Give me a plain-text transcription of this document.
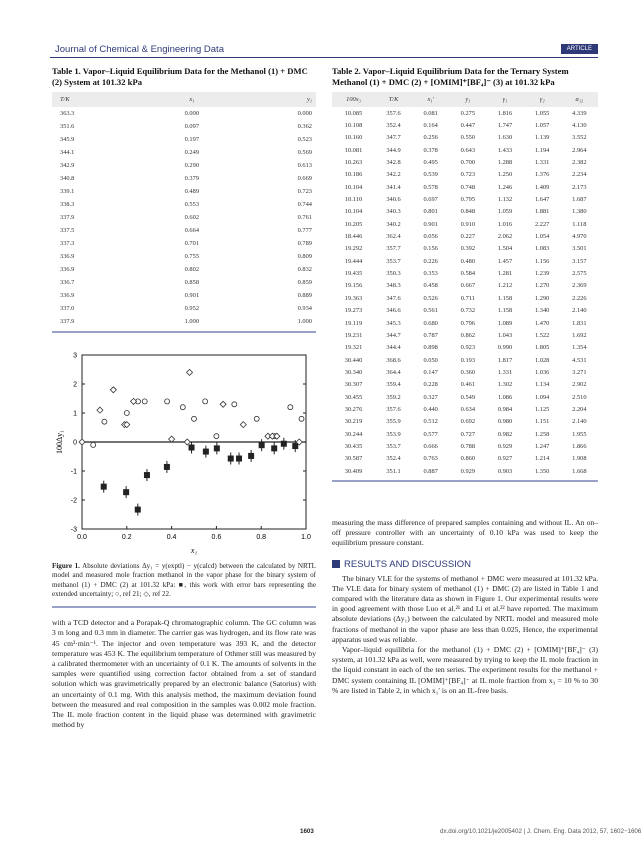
Journal of Chemical & Engineering Data	ARTICLE
Table 1. Vapor–Liquid Equilibrium Data for the Methanol (1) + DMC (2) System at 101.32 kPa
T/K	x₁	y₁
363.3	0.000	0.000
351.6	0.097	0.362
345.9	0.197	0.523
344.1	0.249	0.569
342.9	0.290	0.613
340.8	0.379	0.669
339.1	0.489	0.723
338.3	0.553	0.744
337.9	0.602	0.761
337.5	0.664	0.777
337.3	0.701	0.789
336.9	0.755	0.809
336.9	0.802	0.832
336.7	0.858	0.859
336.9	0.901	0.889
337.0	0.952	0.934
337.9	1.000	1.000
Table 2. Vapor–Liquid Equilibrium Data for the Ternary System Methanol (1) + DMC (2) + [OMIM]⁺[BF₄]⁻ (3) at 101.32 kPa
100x₃	T/K	x₁′	y₁	γ₁	γ₂	α₁₂
10.085	357.6	0.081	0.275	1.816	1.055	4.339
10.108	352.4	0.164	0.447	1.747	1.057	4.130
10.160	347.7	0.256	0.550	1.630	1.139	3.552
10.081	344.9	0.378	0.643	1.433	1.194	2.964
10.263	342.8	0.495	0.700	1.288	1.331	2.382
10.186	342.2	0.539	0.723	1.250	1.376	2.234
10.104	341.4	0.578	0.748	1.246	1.409	2.173
10.110	340.6	0.697	0.795	1.132	1.647	1.687
10.104	340.3	0.801	0.848	1.059	1.881	1.380
10.205	340.2	0.901	0.910	1.016	2.227	1.118
18.446	362.4	0.056	0.227	2.062	1.054	4.970
19.292	357.7	0.156	0.392	1.504	1.083	3.501
19.444	353.7	0.226	0.480	1.457	1.156	3.157
19.435	350.3	0.353	0.584	1.281	1.239	2.575
19.156	348.3	0.458	0.667	1.212	1.270	2.369
19.363	347.6	0.526	0.711	1.158	1.290	2.226
19.273	346.6	0.561	0.732	1.158	1.340	2.140
19.119	345.3	0.680	0.796	1.089	1.470	1.831
19.231	344.7	0.787	0.862	1.043	1.522	1.692
19.321	344.4	0.898	0.923	0.990	1.805	1.354
30.440	368.6	0.050	0.193	1.817	1.028	4.531
30.340	364.4	0.147	0.360	1.331	1.036	3.271
30.307	359.4	0.228	0.461	1.302	1.134	2.902
30.455	359.2	0.327	0.549	1.086	1.094	2.510
30.276	357.6	0.440	0.634	0.984	1.125	2.204
30.219	355.9	0.512	0.692	0.980	1.151	2.140
30.244	353.9	0.577	0.727	0.982	1.258	1.955
30.435	353.7	0.666	0.788	0.929	1.247	1.866
30.587	352.4	0.763	0.860	0.927	1.214	1.908
30.409	351.1	0.887	0.929	0.903	1.350	1.668
0.0	0.2	0.4	0.6	0.8	1.0
3
2
1
0
-1
-2
-3
x₁
100Δy₁
Figure 1. Absolute deviations Δy₁ = y(exptl) − y(calcd) between the calculated by NRTL model and measured mole fraction methanol in the vapor phase for the binary system of methanol (1) + DMC (2) at 101.32 kPa: ■, this work with error bars representing the extended uncertainty; ○, ref 21; ◇, ref 22.
with a TCD detector and a Porapak-Q chromatographic column. The GC column was 3 m long and 0.3 mm in diameter. The carrier gas was hydrogen, and its flow rate was 45 cm³·min⁻¹. The injector and oven temperature was 393 K, and the detector temperature was 453 K. The equilibrium temperature of Othmer still was measured by a calibrated thermometer with an uncertainty of 0.1 K. The amounts of solvents in the samples were quantified using correction factor obtained from a set of standard solution which was gravimetrically prepared by an electronic balance (Satorius) with an uncertainty of 0.1 mg. With this analysis method, the maximum deviation found between the measured and real composition in the samples was 0.002 mole fraction. The IL mole fraction content in the liquid phase was determined with gravimetric method by
measuring the mass difference of prepared samples containing and without IL. An on–off pressure controller with an uncertainty of 0.10 kPa was used to keep the equilibrium pressure constant.
RESULTS AND DISCUSSION
The binary VLE for the systems of methanol + DMC were measured at 101.32 kPa. The VLE data for binary system of methanol (1) + DMC (2) are listed in Table 1 and compared with the literature data as shown in Figure 1. Our experimental results were in good agreement with those Luo et al.²¹ and Li et al.²² have reported. The maximum absolute deviations (Δy₁) between the calculated by NRTL model and measured mole fractions of methanol in the vapor phase are less than 0.025, Hence, the experimental apparatus used was reliable.
Vapor–liquid equilibria for the methanol (1) + DMC (2) + [OMIM]⁺[BF₄]⁻ (3) system, at 101.32 kPa as well, were measured by trying to keep the IL mole fraction in the liquid constant in each of the ten series. The experiment results for the methanol + DMC system containing IL [OMIM]⁺[BF₄]⁻ at IL mole fraction from x₃ = 10 % to 30 % are listed in Table 2, in which x₁′ is on an IL-free basis.
1603	dx.doi.org/10.1021/je2005402 | J. Chem. Eng. Data 2012, 57, 1602−1606
